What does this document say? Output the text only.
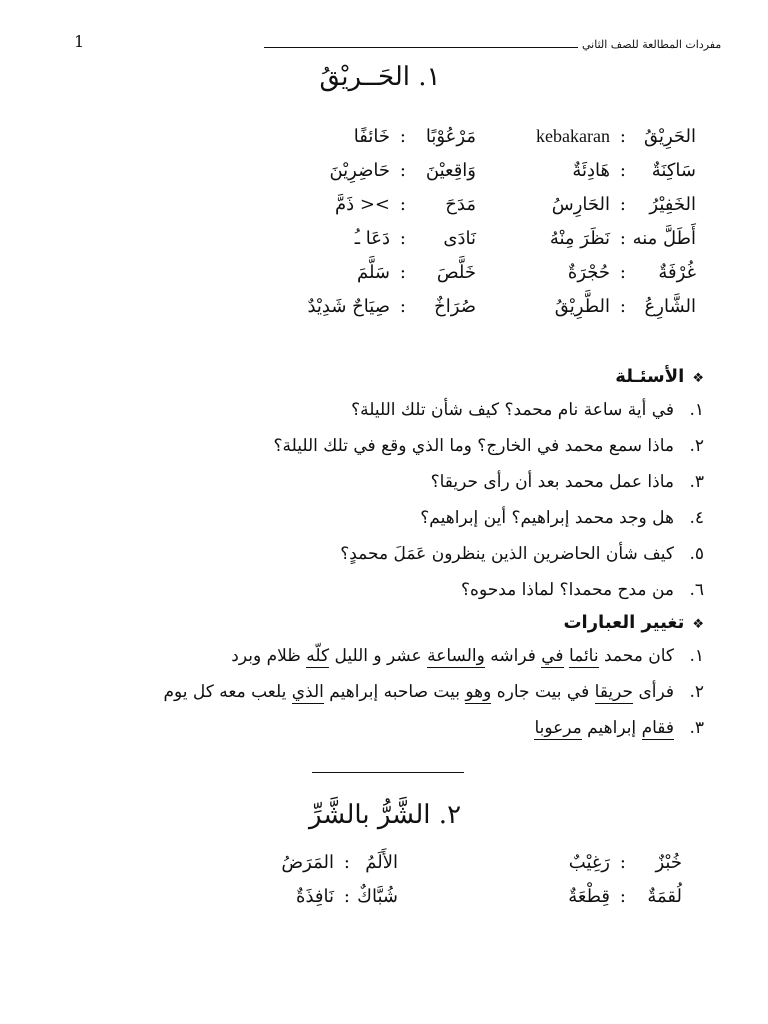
1	مفردات المطالعة للصف الثاني
١. الحَــريْقُ
الحَرِيْقُ
:
kebakaran
مَرْعُوْبًا
:
خَائفًا
سَاكِنَةٌ
:
هَادِئَةٌ
وَاقِعيْنَ
:
حَاضِرِيْنَ
الخَفِيْرُ
:
الحَارِسُ
مَدَحَ
:
>< ذَمَّ
أَطَلَّ منه
:
نَظَرَ مِنْهُ
نَادَى
:
دَعَا ـُ
غُرْفَةٌ
:
حُجْرَةٌ
خَلَّصَ
:
سَلَّمَ
الشَّارِعُ
:
الطَّرِيْقُ
صُرَاخٌ
:
صِيَاحٌ شَدِيْدٌ
❖الأسئـلة
١.
في أية ساعة نام محمد؟ كيف شأن تلك الليلة؟
٢.
ماذا سمع محمد في الخارج؟ وما الذي وقع في تلك الليلة؟
٣.
ماذا عمل محمد بعد أن رأى حريقا؟
٤.
هل وجد محمد إبراهيم؟ أين إبراهيم؟
٥.
كيف شأن الحاضرين الذين ينظرون عَمَلَ محمدٍ؟
٦.
من مدح محمدا؟ لماذا مدحوه؟
❖تغيير العبارات
١.
كان محمد نائما في فراشه والساعة عشر و الليل كلّه ظلام وبرد
٢.
فرأى حريقا في بيت جاره وهو بيت صاحبه إبراهيم الذي يلعب معه كل يوم
٣.
فقام إبراهيم مرعوبا
٢. الشَّرُّ بالشَّرِّ
خُبْزٌ
:
رَغِيْبٌ
الأَلَمُ
:
المَرَضُ
لُقمَةٌ
:
قِطْعَةٌ
شُبَّاكٌ
:
نَافِذَةٌ
